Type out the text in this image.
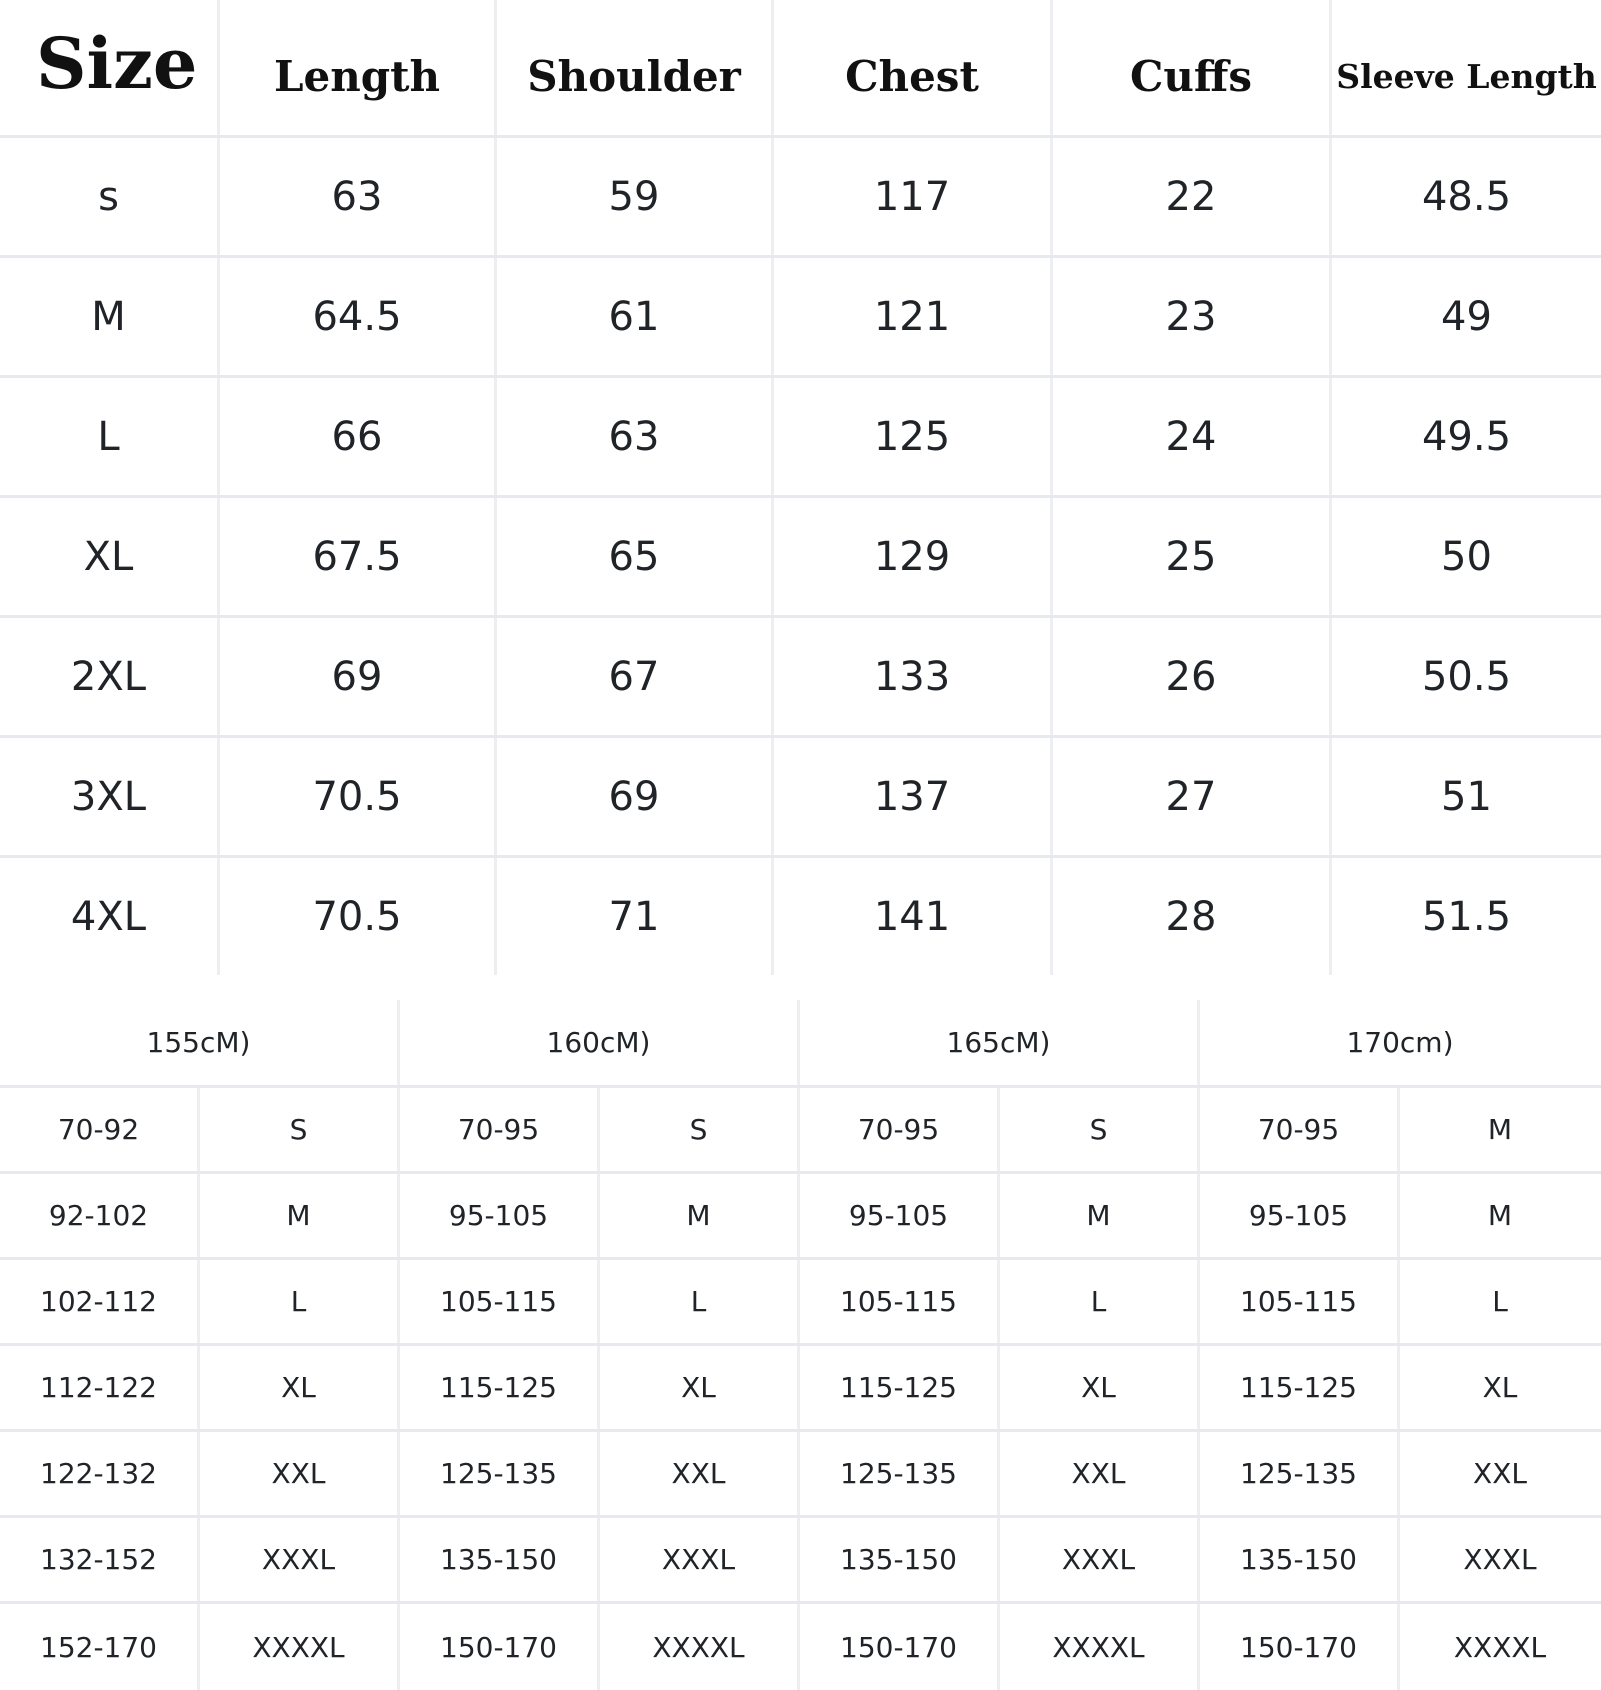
Size	Length	Shoulder	Chest	Cuffs	Sleeve Length
s	63	59	117	22	48.5
M	64.5	61	121	23	49
L	66	63	125	24	49.5
XL	67.5	65	129	25	50
2XL	69	67	133	26	50.5
3XL	70.5	69	137	27	51
4XL	70.5	71	141	28	51.5
155cM)	160cM)	165cM)	170cm)
70-92	S	70-95	S	70-95	S	70-95	M
92-102	M	95-105	M	95-105	M	95-105	M
102-112	L	105-115	L	105-115	L	105-115	L
112-122	XL	115-125	XL	115-125	XL	115-125	XL
122-132	XXL	125-135	XXL	125-135	XXL	125-135	XXL
132-152	XXXL	135-150	XXXL	135-150	XXXL	135-150	XXXL
152-170	XXXXL	150-170	XXXXL	150-170	XXXXL	150-170	XXXXL
